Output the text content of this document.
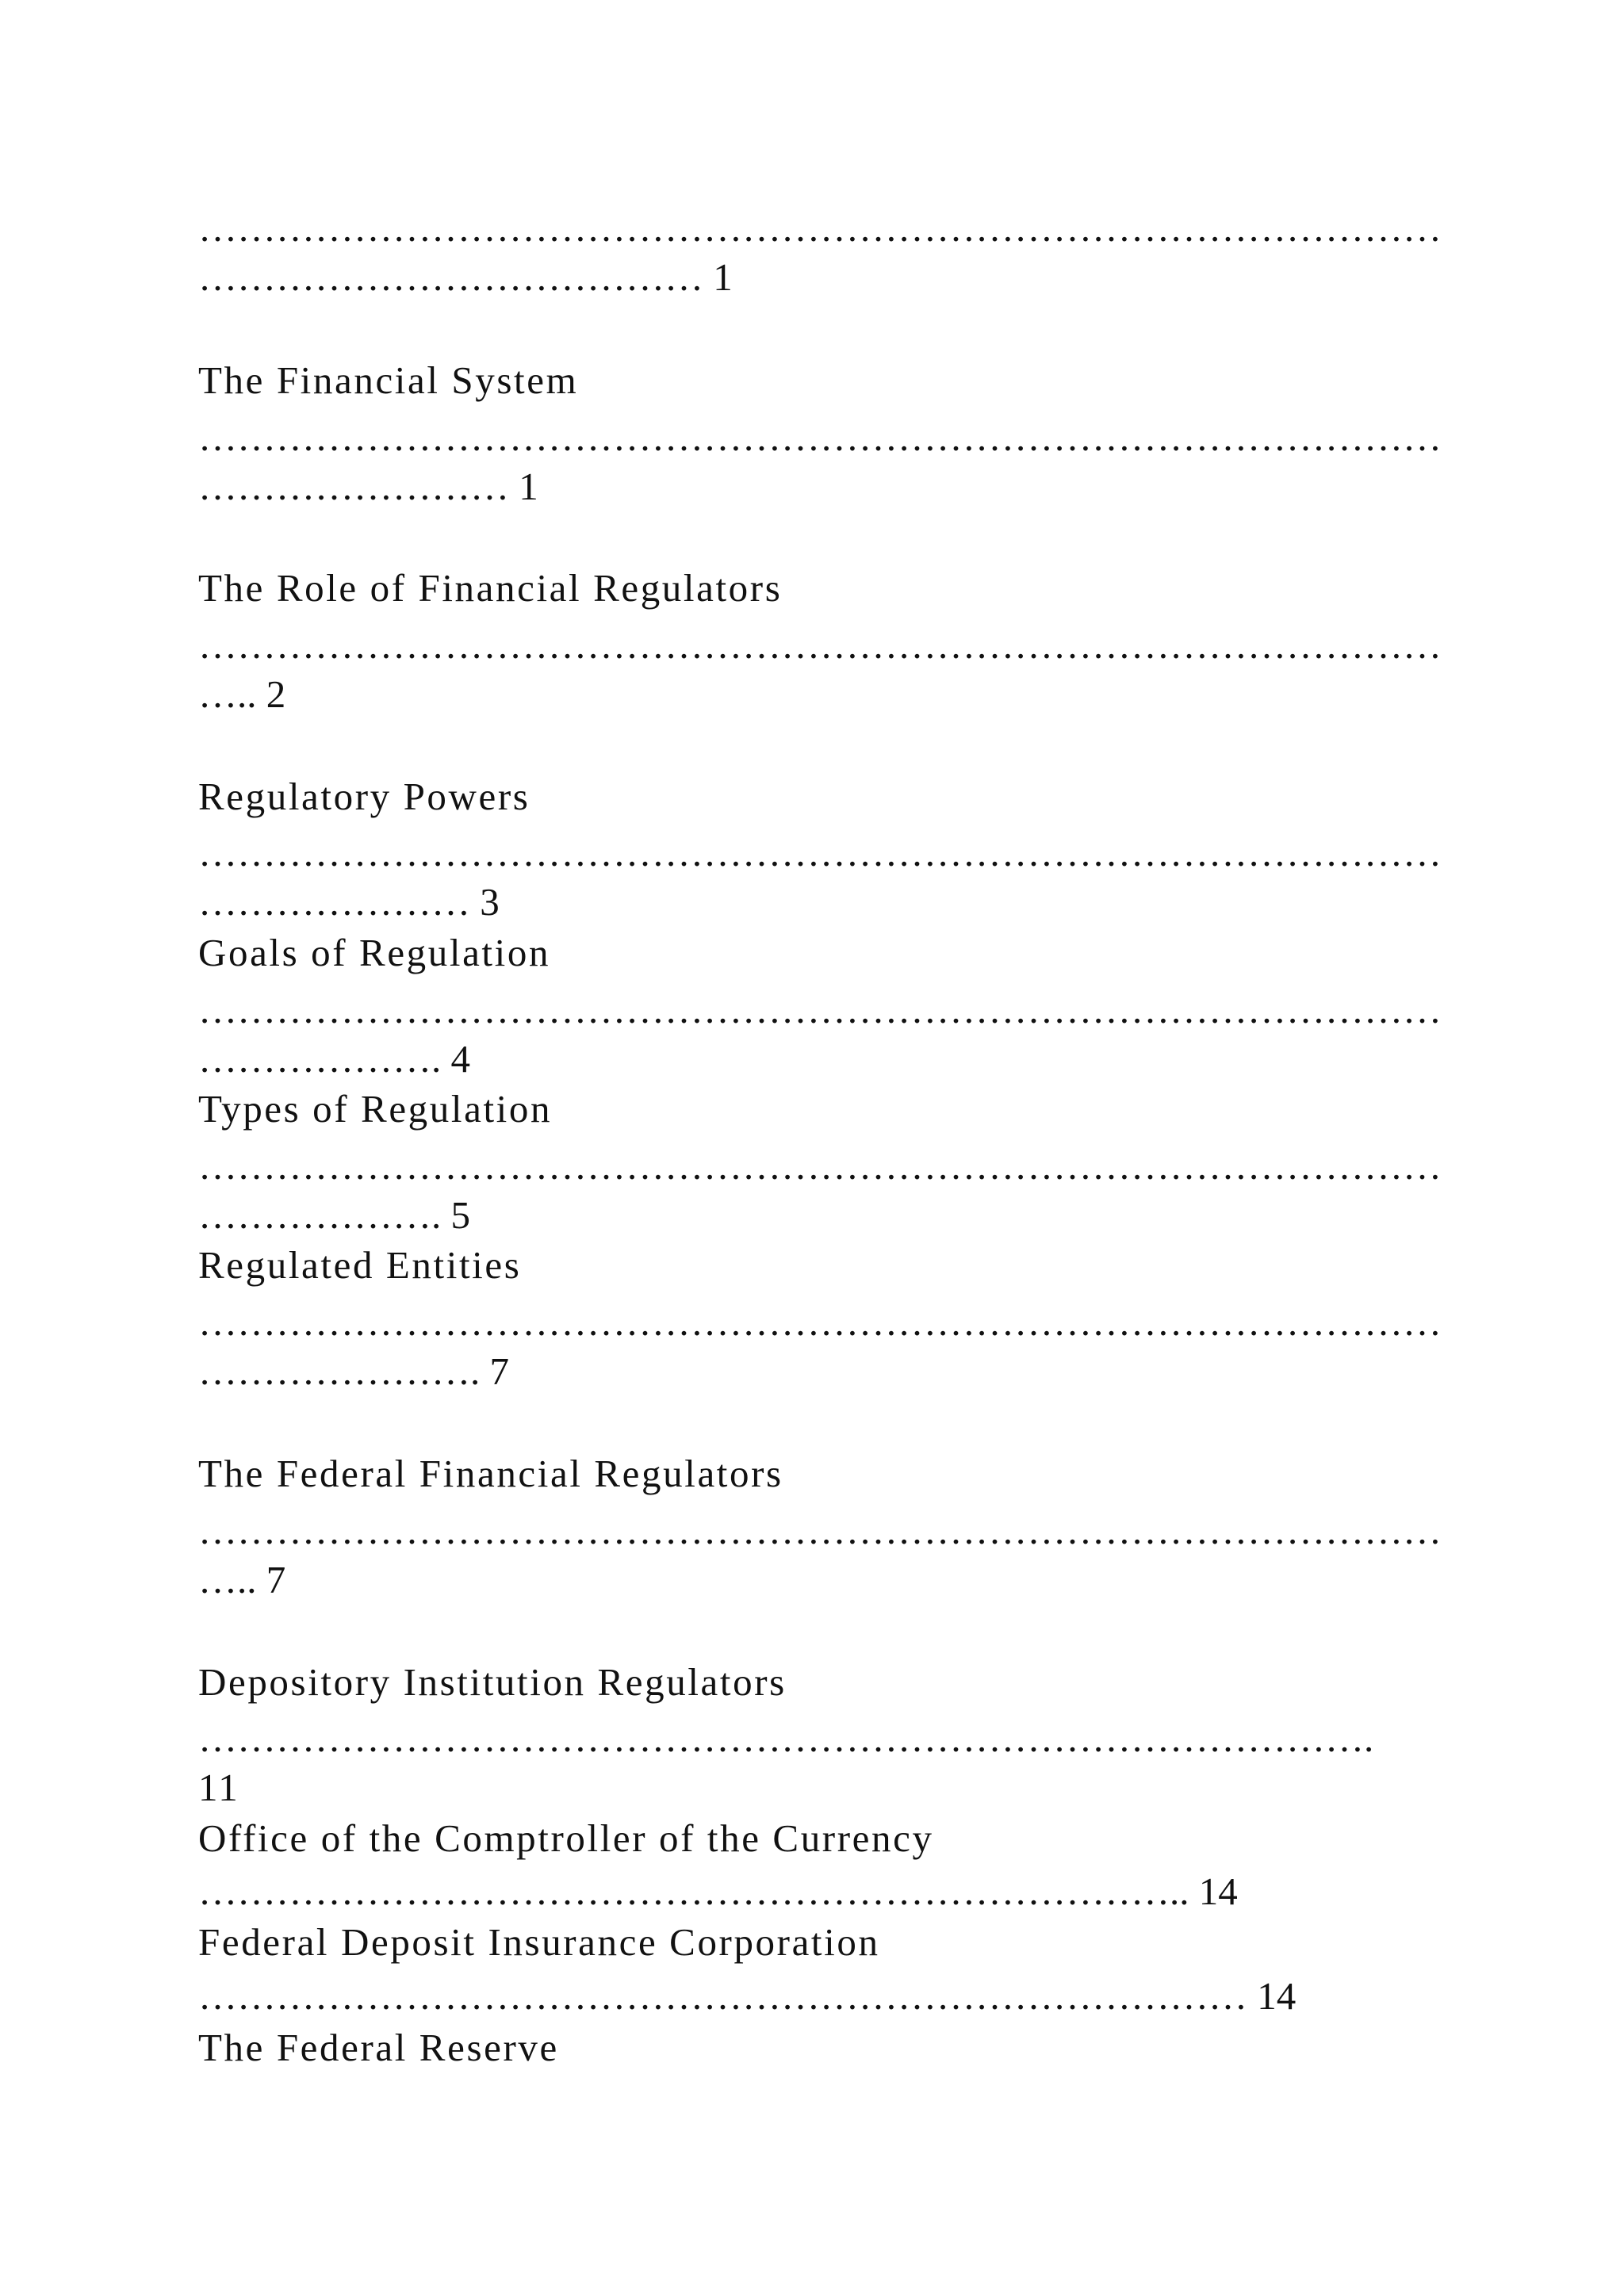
……………………………………………………………………………………

………………………………… 1

The Financial System

……………………………………………………………………………………

…………………… 1

The Role of Financial Regulators

……………………………………………………………………………………

….. 2

Regulatory Powers

……………………………………………………………………………………

………………… 3

Goals of Regulation

……………………………………………………………………………………

………………. 4

Types of Regulation

……………………………………………………………………………………

………………. 5

Regulated Entities

……………………………………………………………………………………

…………………. 7

The Federal Financial Regulators

……………………………………………………………………………………

….. 7

Depository Institution Regulators

……………………………………………………………………………….

11

Office of the Comptroller of the Currency

………………………………………………………………….. 14

Federal Deposit Insurance Corporation

……………………………………………………………………… 14

The Federal Reserve
